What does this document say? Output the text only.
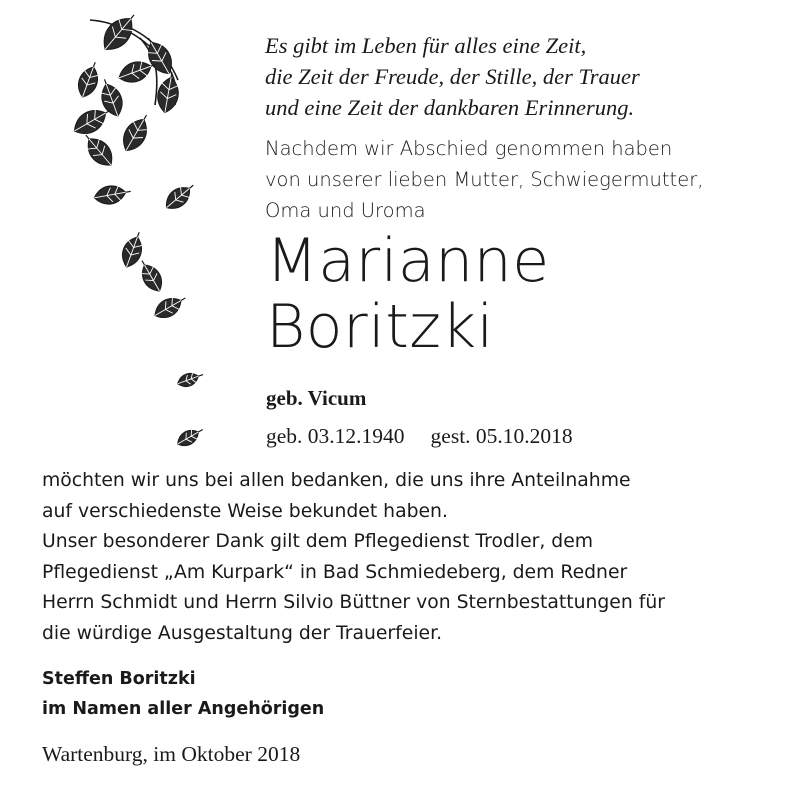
Es gibt im Leben für alles eine Zeit,
die Zeit der Freude, der Stille, der Trauer
und eine Zeit der dankbaren Erinnerung.
Nachdem wir Abschied genommen haben
von unserer lieben Mutter, Schwiegermutter,
Oma und Uroma
Marianne
Boritzki
geb. Vicum
geb. 03.12.1940 gest. 05.10.2018
möchten wir uns bei allen bedanken, die uns ihre Anteilnahme
auf verschiedenste Weise bekundet haben.
Unser besonderer Dank gilt dem Pflegedienst Trodler, dem
Pflegedienst „Am Kurpark“ in Bad Schmiedeberg, dem Redner
Herrn Schmidt und Herrn Silvio Büttner von Sternbestattungen für
die würdige Ausgestaltung der Trauerfeier.
Steffen Boritzki
im Namen aller Angehörigen
Wartenburg, im Oktober 2018
